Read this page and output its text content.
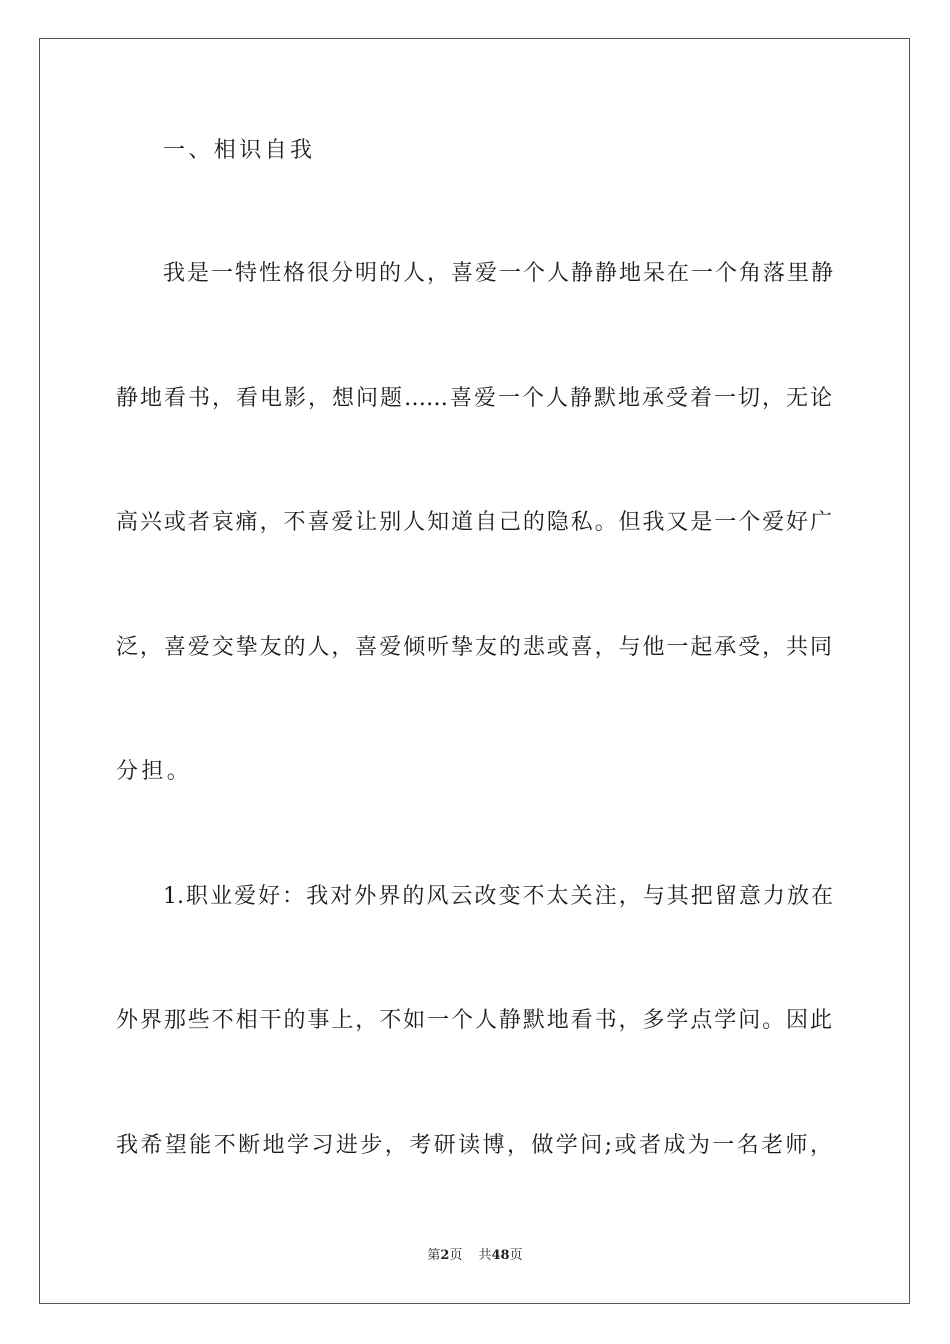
一、相识自我

我是一特性格很分明的人，喜爱一个人静静地呆在一个角落里静

静地看书，看电影，想问题……喜爱一个人静默地承受着一切，无论

高兴或者哀痛，不喜爱让别人知道自己的隐私。但我又是一个爱好广

泛，喜爱交挚友的人，喜爱倾听挚友的悲或喜，与他一起承受，共同

分担。

1.职业爱好：我对外界的风云改变不太关注，与其把留意力放在

外界那些不相干的事上，不如一个人静默地看书，多学点学问。因此

我希望能不断地学习进步，考研读博，做学问;或者成为一名老师，

第2页 共48页
